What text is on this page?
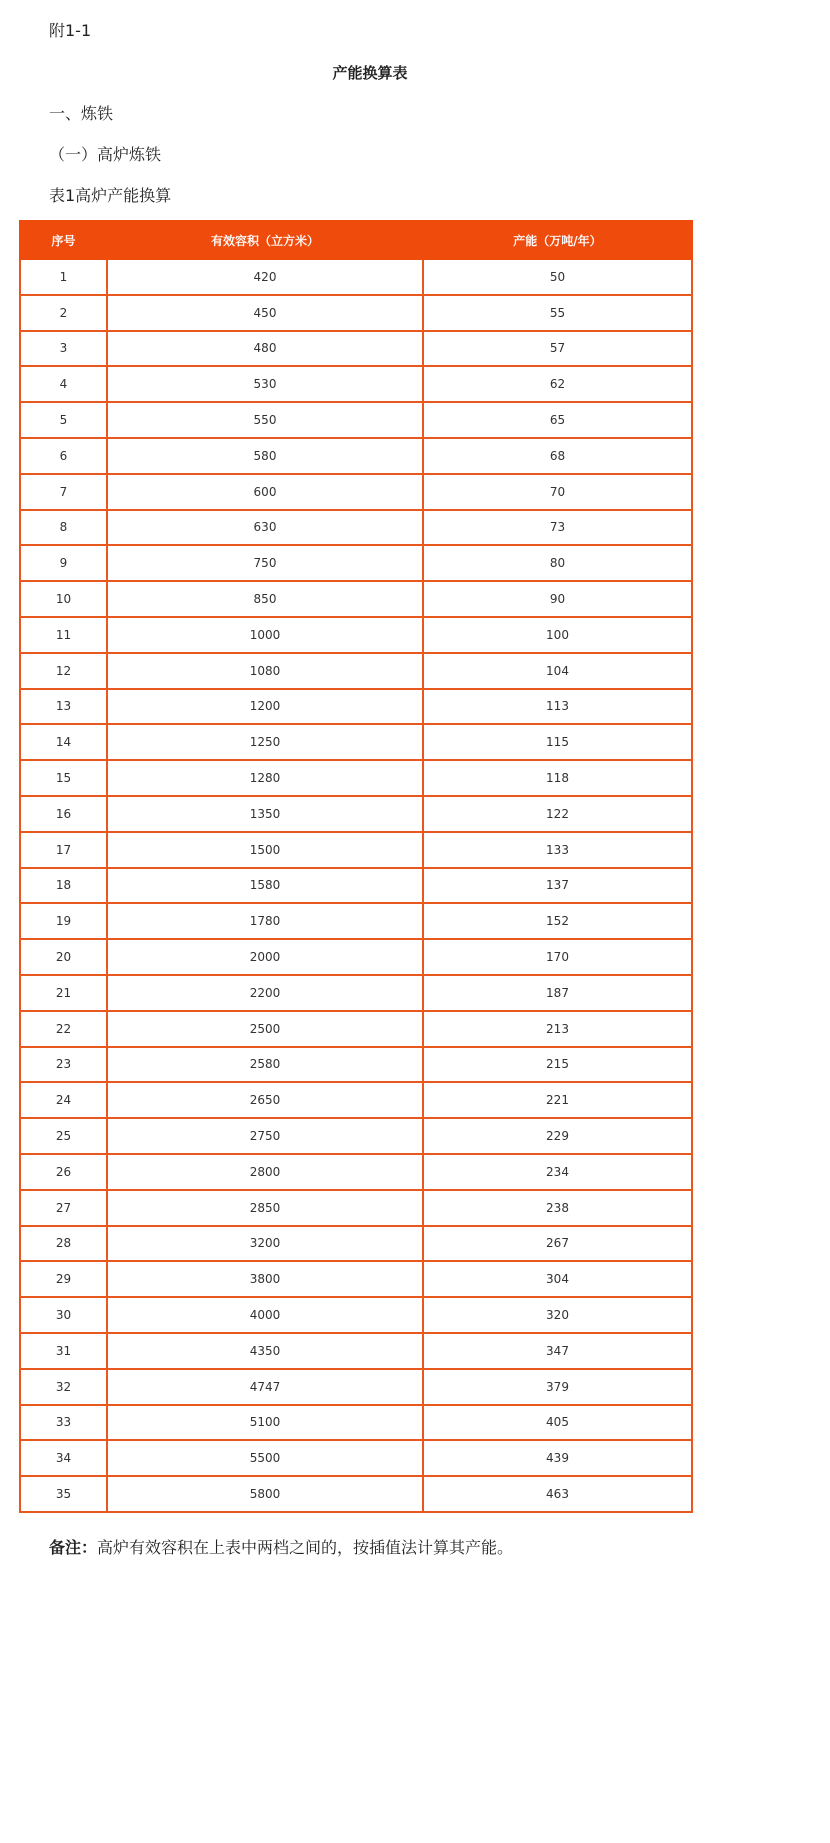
附1-1
产能换算表
一、炼铁
（一）高炉炼铁
表1高炉产能换算
序号	有效容积（立方米）	产能（万吨/年）
1	420	50
2	450	55
3	480	57
4	530	62
5	550	65
6	580	68
7	600	70
8	630	73
9	750	80
10	850	90
11	1000	100
12	1080	104
13	1200	113
14	1250	115
15	1280	118
16	1350	122
17	1500	133
18	1580	137
19	1780	152
20	2000	170
21	2200	187
22	2500	213
23	2580	215
24	2650	221
25	2750	229
26	2800	234
27	2850	238
28	3200	267
29	3800	304
30	4000	320
31	4350	347
32	4747	379
33	5100	405
34	5500	439
35	5800	463
备注：高炉有效容积在上表中两档之间的，按插值法计算其产能。
